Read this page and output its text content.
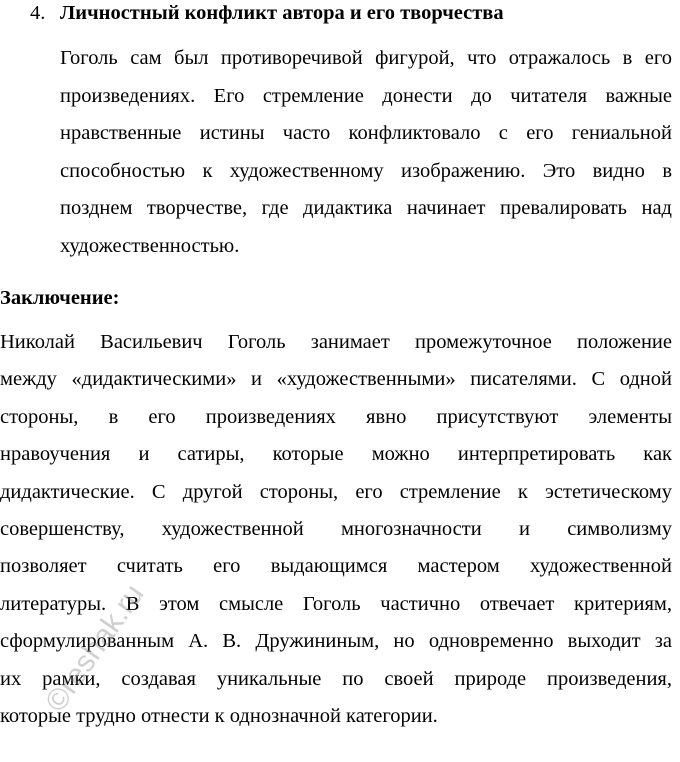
4. Личностный конфликт автора и его творчества
Гоголь сам был противоречивой фигурой, что отражалось в его
произведениях. Его стремление донести до читателя важные
нравственные истины часто конфликтовало с его гениальной
способностью к художественному изображению. Это видно в
позднем творчестве, где дидактика начинает превалировать над
художественностью.
Заключение:
Николай Васильевич Гоголь занимает промежуточное положение
между «дидактическими» и «художественными» писателями. С одной
стороны, в его произведениях явно присутствуют элементы
нравоучения и сатиры, которые можно интерпретировать как
дидактические. С другой стороны, его стремление к эстетическому
совершенству, художественной многозначности и символизму
позволяет считать его выдающимся мастером художественной
литературы. В этом смысле Гоголь частично отвечает критериям,
сформулированным А. В. Дружининым, но одновременно выходит за
их рамки, создавая уникальные по своей природе произведения,
которые трудно отнести к однозначной категории.
©reshak.ru
